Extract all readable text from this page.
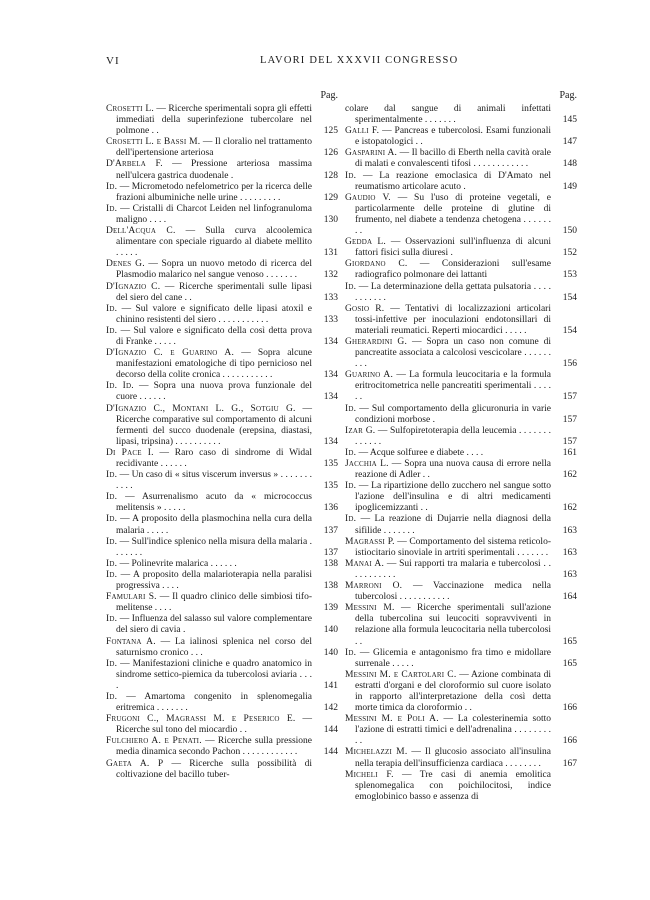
VI	LAVORI DEL XXXVII CONGRESSO
Pag.
Crosetti L. — Ricerche sperimentali sopra gli effetti immediati della superinfezione tubercolare nel polmone . .	125
Crosetti L. e Bassi M. — Il cloralio nel trattamento dell'ipertensione arteriosa	126
D'Arbela F. — Pressione arteriosa massima nell'ulcera gastrica duodenale .	128
Id. — Micrometodo nefelometrico per la ricerca delle frazioni albuminiche nelle urine . . . . . . . . .	129
Id. — Cristalli di Charcot Leiden nel linfogranuloma maligno . . . .	130
Dell'Acqua C. — Sulla curva alcoolemica alimentare con speciale riguardo al diabete mellito . . . . .	131
Denes G. — Sopra un nuovo metodo di ricerca del Plasmodio malarico nel sangue venoso . . . . . . .	132
D'Ignazio C. — Ricerche sperimentali sulle lipasi del siero del cane . .	133
Id. — Sul valore e significato delle lipasi atoxil e chinino resistenti del siero . . . . . . . . . . .	133
Id. — Sul valore e significato della così detta prova di Franke . . . . .	134
D'Ignazio C. e Guarino A. — Sopra alcune manifestazioni ematologiche di tipo pernicioso nel decorso della colite cronica . . . . . . . . . . .	134
Id. Id. — Sopra una nuova prova funzionale del cuore . . . . . .	134
D'Ignazio C., Montani L. G., Sotgiu G. — Ricerche comparative sul comportamento di alcuni fermenti del succo duodenale (erepsina, diastasi, lipasi, tripsina) . . . . . . . . . .	134
Di Pace I. — Raro caso di sindrome di Widal recidivante . . . . . .	135
Id. — Un caso di « situs viscerum inversus » . . . . . . . . . . .	135
Id. — Asurrenalismo acuto da « micrococcus melitensis » . . . . .	136
Id. — A proposito della plasmochina nella cura della malaria . . . . .	137
Id. — Sull'indice splenico nella misura della malaria . . . . . . .	137
Id. — Polinevrite malarica . . . . . .	138
Id. — A proposito della malarioterapia nella paralisi progressiva . . . .	138
Famulari S. — Il quadro clinico delle simbiosi tifo-melitense . . . .	139
Id. — Influenza del salasso sul valore complementare del siero di cavia .	140
Fontana A. — La ialinosi splenica nel corso del saturnismo cronico . . .	140
Id. — Manifestazioni cliniche e quadro anatomico in sindrome settico-piemica da tubercolosi aviaria . . . .	141
Id. — Amartoma congenito in splenomegalia eritremica . . . . . . .	142
Frugoni C., Magrassi M. e Peserico E. — Ricerche sul tono del miocardio . .	144
Fulchiero A. e Penati. — Ricerche sulla pressione media dinamica secondo Pachon . . . . . . . . . . . .	144
Gaeta A. P — Ricerche sulla possibilità di coltivazione del bacillo tuber-
Pag.
colare dal sangue di animali infettati sperimentalmente . . . . . . .	145
Galli F. — Pancreas e tubercolosi. Esami funzionali e istopatologici . .	147
Gasparini A. — Il bacillo di Eberth nella cavità orale di malati e convalescenti tifosi . . . . . . . . . . . .	148
Id. — La reazione emoclasica di D'Amato nel reumatismo articolare acuto .	149
Gaudio V. — Su l'uso di proteine vegetali, e particolarmente delle proteine di glutine di frumento, nel diabete a tendenza chetogena . . . . . . . .	150
Gedda L. — Osservazioni sull'influenza di alcuni fattori fisici sulla diuresi .	152
Giordano C. — Considerazioni sull'esame radiografico polmonare dei lattanti	153
Id. — La determinazione della gettata pulsatoria . . . . . . . . . . .	154
Gosio R. — Tentativi di localizzazioni articolari tossi-infettive per inoculazioni endotonsillari di materiali reumatici. Reperti miocardici . . . . .	154
Gherardini G. — Sopra un caso non comune di pancreatite associata a calcolosi vescicolare . . . . . . . . .	156
Guarino A. — La formula leucocitaria e la formula eritrocitometrica nelle pancreatiti sperimentali . . . . . .	157
Id. — Sul comportamento della glicuronuria in varie condizioni morbose .	157
Izar G. — Sulfopiretoterapia della leucemia . . . . . . . . . . . . .	157
Id. — Acque solfuree e diabete . . . .	161
Jacchia L. — Sopra una nuova causa di errore nella reazione di Adler . .	162
Id. — La ripartizione dello zucchero nel sangue sotto l'azione dell'insulina e di altri medicamenti ipoglicemizzanti . .	162
Id. — La reazione di Dujarrie nella diagnosi della sifilide . . . . . . .	163
Magrassi P. — Comportamento del sistema reticolo-istiocitario sinoviale in artriti sperimentali . . . . . . . 163
Manai A. — Sui rapporti tra malaria e tubercolosi . . . . . . . . . . .	163
Marroni O. — Vaccinazione medica nella tubercolosi . . . . . . . . . . .	164
Messini M. — Ricerche sperimentali sull'azione della tubercolina sui leucociti sopravviventi in relazione alla formula leucocitaria nella tubercolosi . .	165
Id. — Glicemia e antagonismo fra timo e midollare surrenale . . . . .	165
Messini M. e Cartolari C. — Azione combinata di estratti d'organi e del cloroformio sul cuore isolato in rapporto all'interpretazione della così detta morte timica da cloroformio . .	166
Messini M. e Poli A. — La colesterinemia sotto l'azione di estratti timici e dell'adrenalina . . . . . . . . . .	166
Michelazzi M. — Il glucosio associato all'insulina nella terapia dell'insufficienza cardiaca . . . . . . . . 167
Micheli F. — Tre casi di anemia emolitica splenomegalica con poichilocitosi, indice emoglobinico basso e assenza di
